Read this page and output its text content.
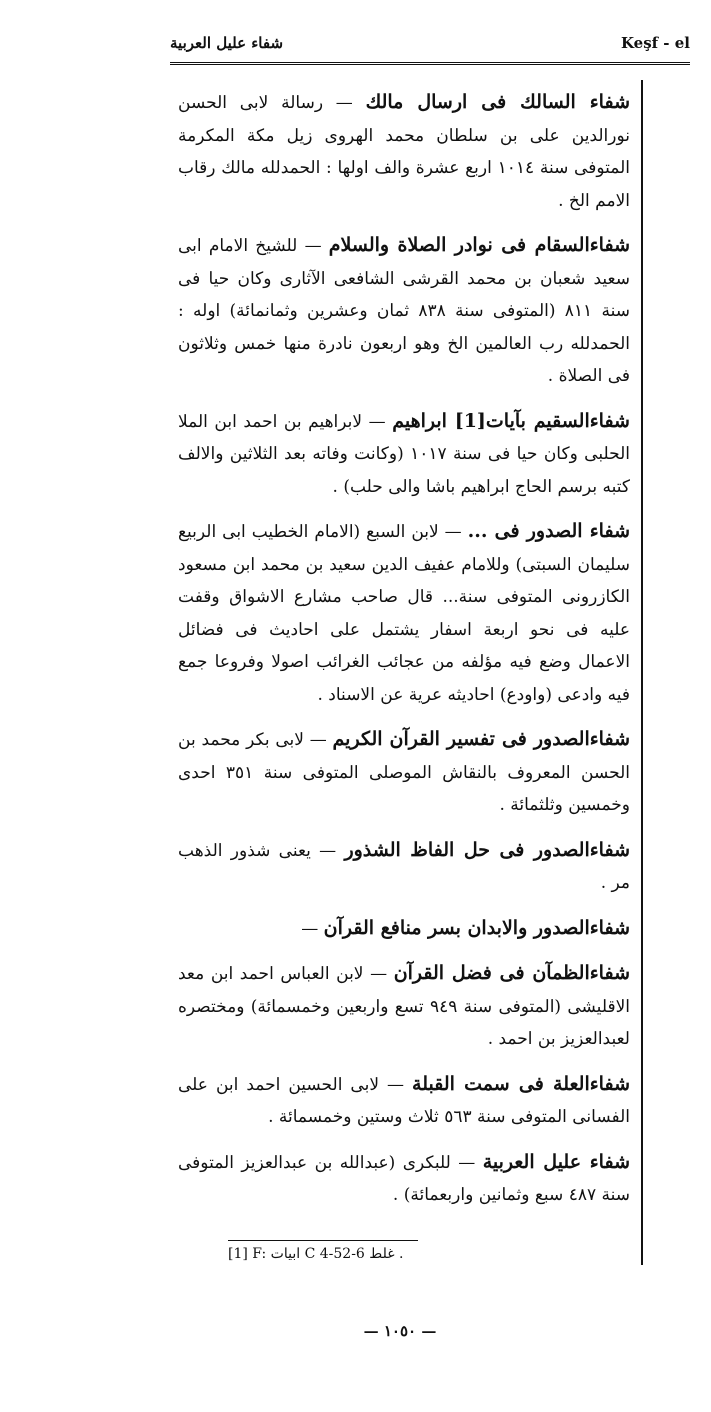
شفاء عليل العربية	Keşf - el

شفاء السالك فى ارسال مالك — رسالة لابى الحسن نورالدين على بن سلطان محمد الهروى زيل مكة المكرمة المتوفى سنة ١٠١٤ اربع عشرة والف اولها : الحمدلله مالك رقاب الامم الخ .

شفاءالسقام فى نوادر الصلاة والسلام — للشيخ الامام ابى سعيد شعبان بن محمد القرشى الشافعى الآثارى وكان حيا فى سنة ٨١١ (المتوفى سنة ٨٣٨ ثمان وعشرين وثمانمائة) اوله : الحمدلله رب العالمين الخ وهو اربعون نادرة منها خمس وثلاثون فى الصلاة .

شفاءالسقيم بآيات[1] ابراهيم — لابراهيم بن احمد ابن الملا الحلبى وكان حيا فى سنة ١٠١٧ (وكانت وفاته بعد الثلاثين والالف كتبه برسم الحاج ابراهيم باشا والى حلب) .

شفاء الصدور فى ... — لابن السبع (الامام الخطيب ابى الربيع سليمان السبتى) وللامام عفيف الدين سعيد بن محمد ابن مسعود الكازرونى المتوفى سنة... قال صاحب مشارع الاشواق وقفت عليه فى نحو اربعة اسفار يشتمل على احاديث فى فضائل الاعمال وضع فيه مؤلفه من عجائب الغرائب اصولا وفروعا جمع فيه وادعى (واودع) احاديثه عرية عن الاسناد .

شفاءالصدور فى تفسير القرآن الكريم — لابى بكر محمد بن الحسن المعروف بالنقاش الموصلى المتوفى سنة ٣٥١ احدى وخمسين وثلثمائة .

شفاءالصدور فى حل الفاظ الشذور — يعنى شذور الذهب مر .

شفاءالصدور والابدان بسر منافع القرآن —

شفاءالظمآن فى فضل القرآن — لابن العباس احمد ابن معد الاقليشى (المتوفى سنة ٩٤٩ تسع واربعين وخمسمائة) ومختصره لعبدالعزيز بن احمد .

شفاءالعلة فى سمت القبلة — لابى الحسين احمد ابن على الفسانى المتوفى سنة ٥٦٣ ثلاث وستين وخمسمائة .

شفاء عليل العربية — للبكرى (عبدالله بن عبدالعزيز المتوفى سنة ٤٨٧ سبع وثمانين واربعمائة) .

[1] F: ابيات C 4-52-6 غلط .
— ١٠٥٠ —
